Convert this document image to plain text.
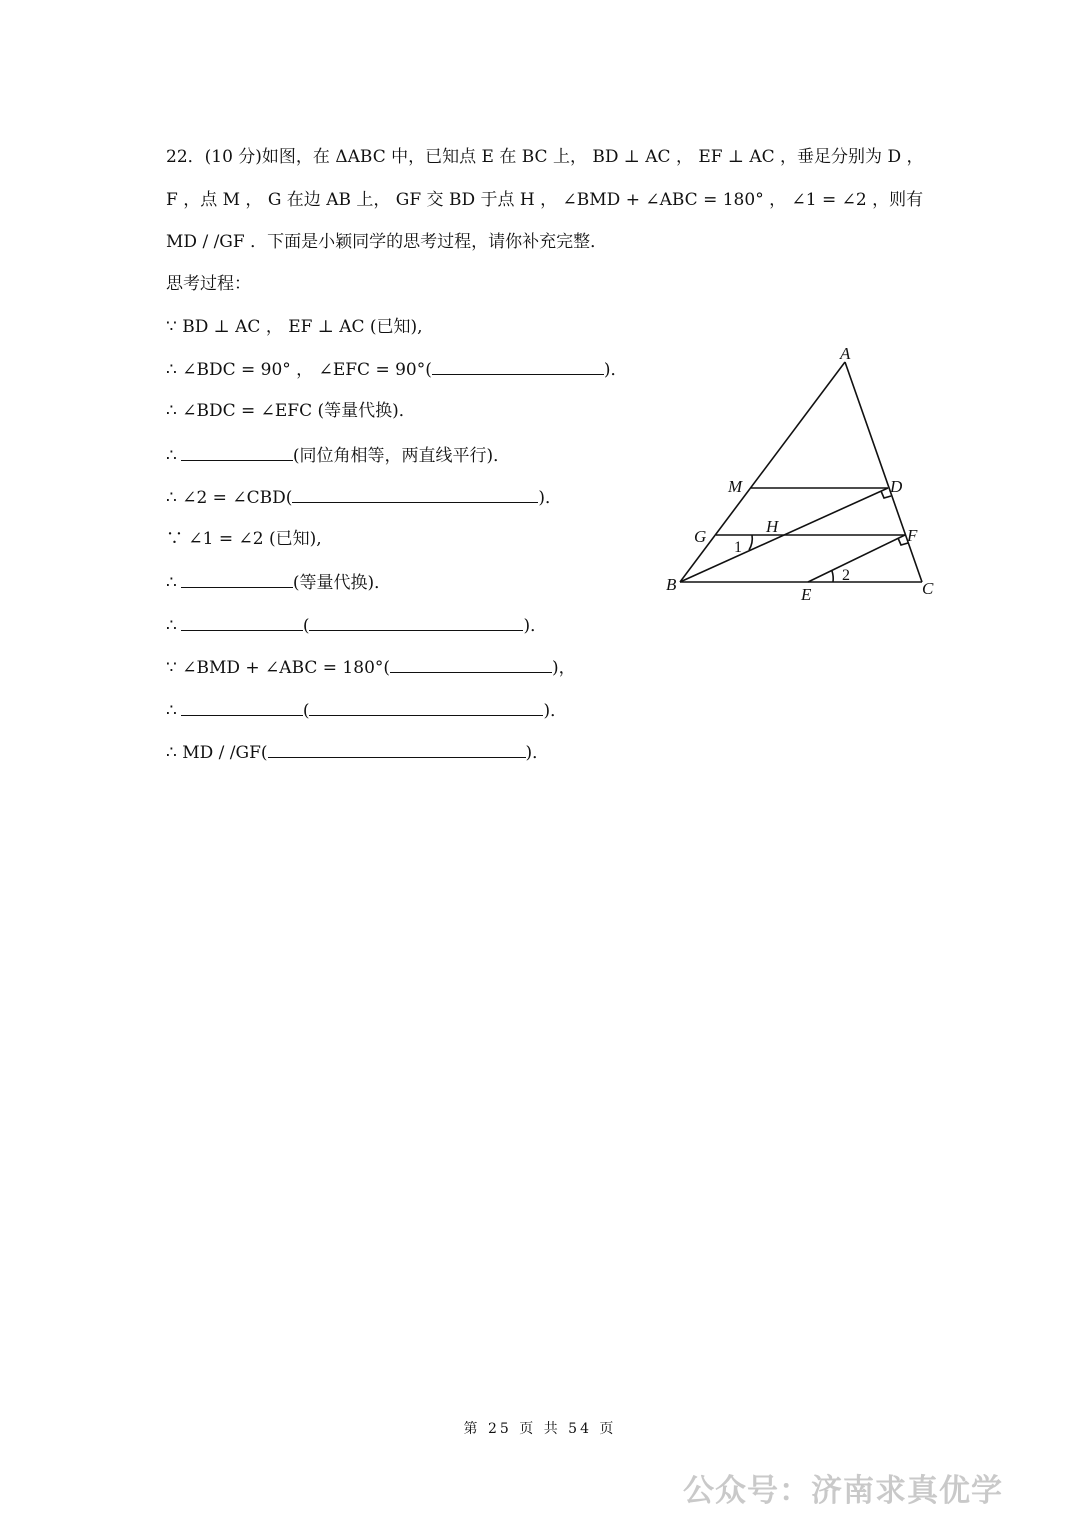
22．(10 分)如图，在 ΔABC 中，已知点 E 在 BC 上， BD ⊥ AC ， EF ⊥ AC ，垂足分别为 D ，
F ，点 M ， G 在边 AB 上， GF 交 BD 于点 H ， ∠BMD + ∠ABC = 180° ， ∠1 = ∠2 ，则有
MD / /GF ．下面是小颖同学的思考过程，请你补充完整．
思考过程：
∵ BD ⊥ AC ， EF ⊥ AC (已知),
∴ ∠BDC = 90° ， ∠EFC = 90°(	)．
∴ ∠BDC = ∠EFC (等量代换)．
∴	(同位角相等，两直线平行)．
∴ ∠2 = ∠CBD(	)．
∵ ∠1 = ∠2 (已知),
∴	(等量代换)．
∴	(	)．
∵ ∠BMD + ∠ABC = 180°(	)，
∴	(	)．
∴ MD / /GF(	)．
A
B	C
D
E
F
G
H
M
1
2
第 25 页 共 54 页
公众号：济南求真优学
